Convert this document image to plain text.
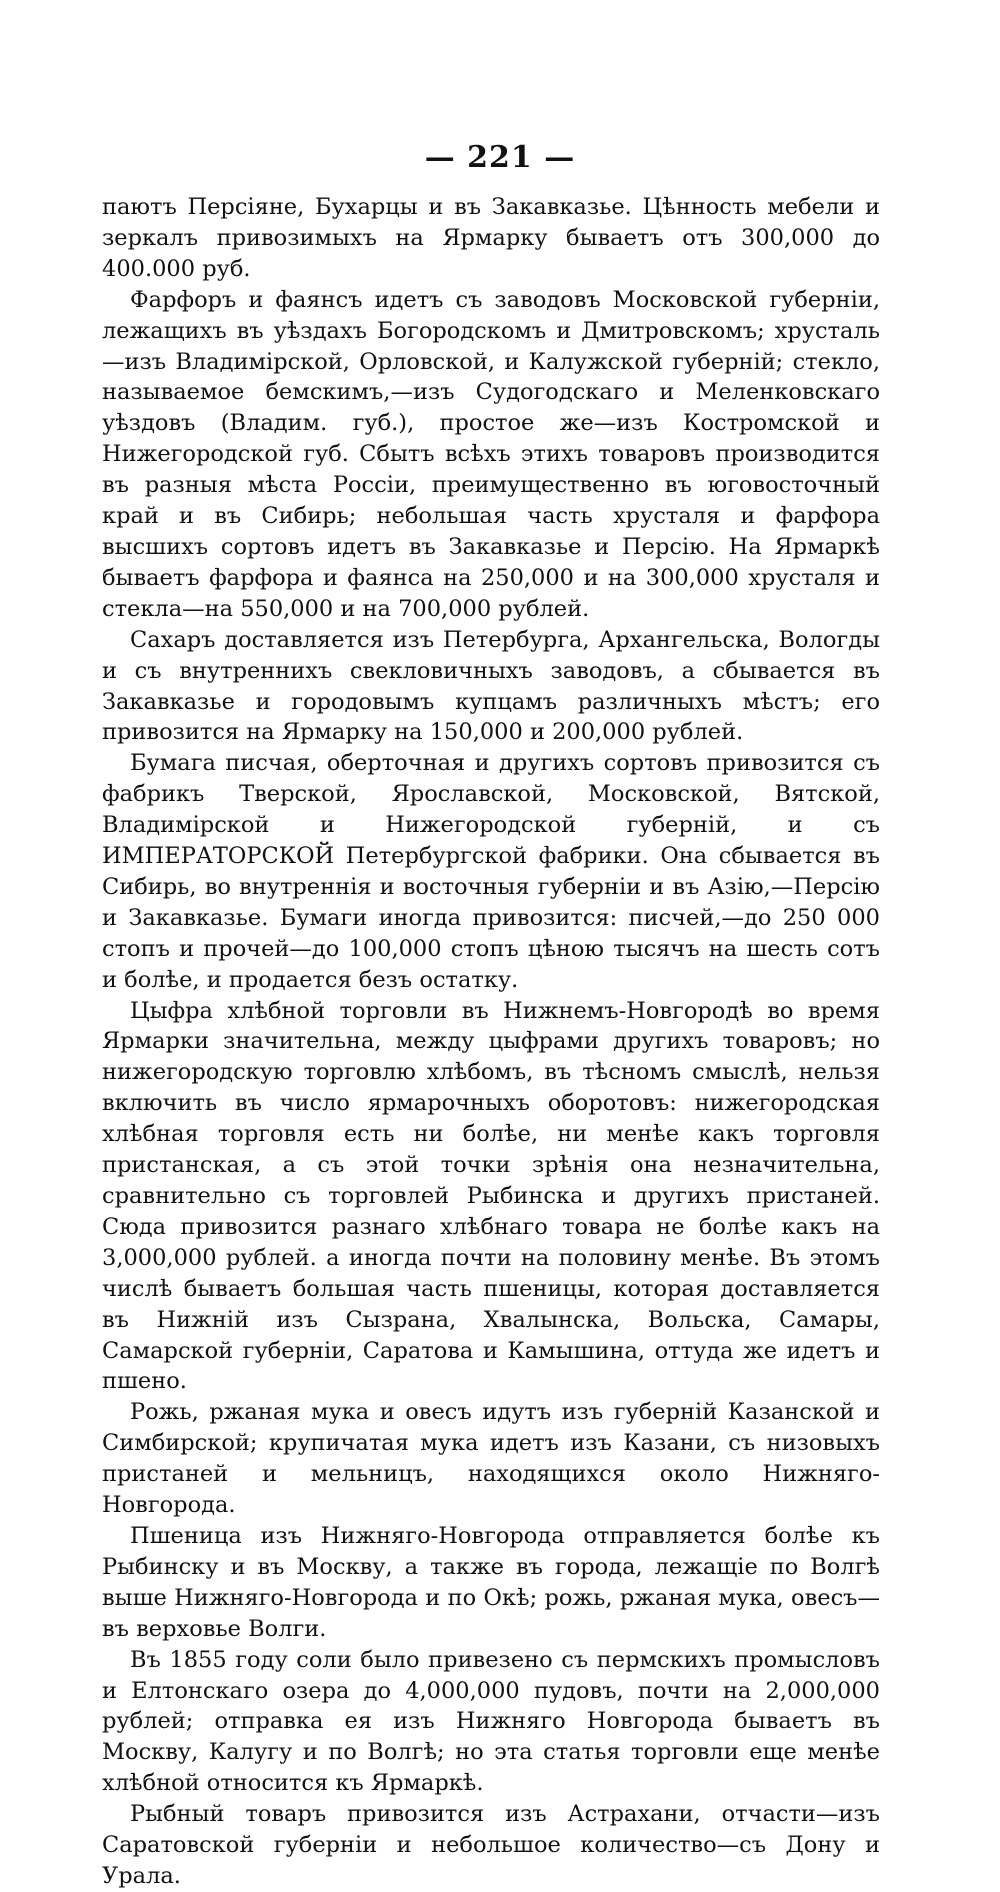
— 221 —

паютъ Персіяне, Бухарцы и въ Закавказье. Цѣнность мебели и зеркалъ привозимыхъ на Ярмарку бываетъ отъ 300,000 до 400.000 руб.

Фарфоръ и фаянсъ идетъ съ заводовъ Московской губерніи, лежащихъ въ уѣздахъ Богородскомъ и Дмитровскомъ; хрусталь—изъ Владимірской, Орловской, и Калужской губерній; стекло, называемое бемскимъ,—изъ Судогодскаго и Меленковскаго уѣздовъ (Владим. губ.), простое же—изъ Костромской и Нижегородской губ. Сбытъ всѣхъ этихъ товаровъ производится въ разныя мѣста Россіи, преимущественно въ юговосточный край и въ Сибирь; небольшая часть хрусталя и фарфора высшихъ сортовъ идетъ въ Закавказье и Персію. На Ярмаркѣ бываетъ фарфора и фаянса на 250,000 и на 300,000 хрусталя и стекла—на 550,000 и на 700,000 рублей.

Сахаръ доставляется изъ Петербурга, Архангельска, Вологды и съ внутреннихъ свекловичныхъ заводовъ, а сбывается въ Закавказье и городовымъ купцамъ различныхъ мѣстъ; его привозится на Ярмарку на 150,000 и 200,000 рублей.

Бумага писчая, оберточная и другихъ сортовъ привозится съ фабрикъ Тверской, Ярославской, Московской, Вятской, Владимірской и Нижегородской губерній, и съ ИМПЕРАТОРСКОЙ Петербургской фабрики. Она сбывается въ Сибирь, во внутреннія и восточныя губерніи и въ Азію,—Персію и Закавказье. Бумаги иногда привозится: писчей,—до 250 000 стопъ и прочей—до 100,000 стопъ цѣною тысячъ на шесть сотъ и болѣе, и продается безъ остатку.

Цыфра хлѣбной торговли въ Нижнемъ-Новгородѣ во время Ярмарки значительна, между цыфрами другихъ товаровъ; но нижегородскую торговлю хлѣбомъ, въ тѣсномъ смыслѣ, нельзя включить въ число ярмарочныхъ оборотовъ: нижегородская хлѣбная торговля есть ни болѣе, ни менѣе какъ торговля пристанская, а съ этой точки зрѣнія она незначительна, сравнительно съ торговлей Рыбинска и другихъ пристаней. Сюда привозится разнаго хлѣбнаго товара не болѣе какъ на 3,000,000 рублей. а иногда почти на половину менѣе. Въ этомъ числѣ бываетъ большая часть пшеницы, которая доставляется въ Нижній изъ Сызрана, Хвалынска, Вольска, Самары, Самарской губерніи, Саратова и Камышина, оттуда же идетъ и пшено.

Рожь, ржаная мука и овесъ идутъ изъ губерній Казанской и Симбирской; крупичатая мука идетъ изъ Казани, съ низовыхъ пристаней и мельницъ, находящихся около Нижняго-Новгорода.

Пшеница изъ Нижняго-Новгорода отправляется болѣе къ Рыбинску и въ Москву, а также въ города, лежащіе по Волгѣ выше Нижняго-Новгорода и по Окѣ; рожь, ржаная мука, овесъ—въ верховье Волги.

Въ 1855 году соли было привезено съ пермскихъ промысловъ и Елтонскаго озера до 4,000,000 пудовъ, почти на 2,000,000 рублей; отправка ея изъ Нижняго Новгорода бываетъ въ Москву, Калугу и по Волгѣ; но эта статья торговли еще менѣе хлѣбной относится къ Ярмаркѣ.

Рыбный товаръ привозится изъ Астрахани, отчасти—изъ Саратовской губерніи и небольшое количество—съ Дону и Урала.
